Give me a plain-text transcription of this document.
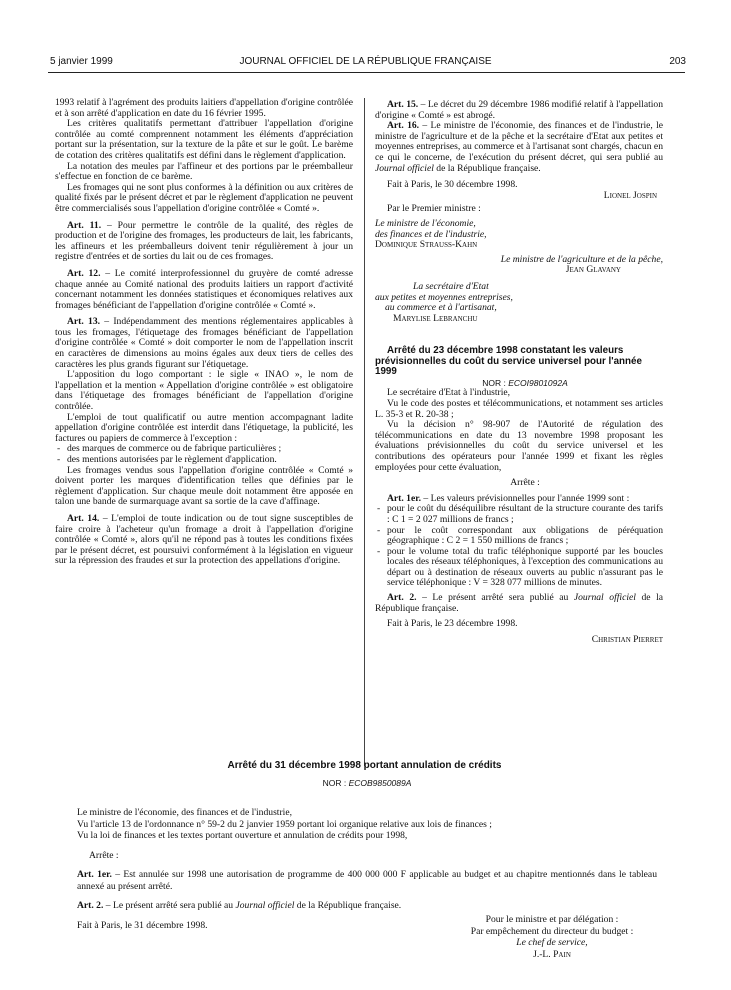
5 janvier 1999	JOURNAL OFFICIEL DE LA RÉPUBLIQUE FRANÇAISE	203

1993 relatif à l'agrément des produits laitiers d'appellation d'origine contrôlée et à son arrêté d'application en date du 16 février 1995.

Les critères qualitatifs permettant d'attribuer l'appellation d'origine contrôlée au comté comprennent notamment les éléments d'appréciation portant sur la présentation, sur la texture de la pâte et sur le goût. Le barème de cotation des critères qualitatifs est défini dans le règlement d'application.

La notation des meules par l'affineur et des portions par le préemballeur s'effectue en fonction de ce barème.

Les fromages qui ne sont plus conformes à la définition ou aux critères de qualité fixés par le présent décret et par le règlement d'application ne peuvent être commercialisés sous l'appellation d'origine contrôlée « Comté ».

Art. 11. – Pour permettre le contrôle de la qualité, des règles de production et de l'origine des fromages, les producteurs de lait, les fabricants, les affineurs et les préemballeurs doivent tenir régulièrement à jour un registre d'entrées et de sorties du lait ou de ces fromages.

Art. 12. – Le comité interprofessionnel du gruyère de comté adresse chaque année au Comité national des produits laitiers un rapport d'activité concernant notamment les données statistiques et économiques relatives aux fromages bénéficiant de l'appellation d'origine contrôlée « Comté ».

Art. 13. – Indépendamment des mentions réglementaires applicables à tous les fromages, l'étiquetage des fromages bénéficiant de l'appellation d'origine contrôlée « Comté » doit comporter le nom de l'appellation inscrit en caractères de dimensions au moins égales aux deux tiers de celles des caractères les plus grands figurant sur l'étiquetage.

L'apposition du logo comportant : le sigle « INAO », le nom de l'appellation et la mention « Appellation d'origine contrôlée » est obligatoire dans l'étiquetage des fromages bénéficiant de l'appellation d'origine contrôlée.

L'emploi de tout qualificatif ou autre mention accompagnant ladite appellation d'origine contrôlée est interdit dans l'étiquetage, la publicité, les factures ou papiers de commerce à l'exception :

- des marques de commerce ou de fabrique particulières ;

- des mentions autorisées par le règlement d'application.

Les fromages vendus sous l'appellation d'origine contrôlée « Comté » doivent porter les marques d'identification telles que définies par le règlement d'application. Sur chaque meule doit notamment être apposée en talon une bande de surmarquage avant sa sortie de la cave d'affinage.

Art. 14. – L'emploi de toute indication ou de tout signe susceptibles de faire croire à l'acheteur qu'un fromage a droit à l'appellation d'origine contrôlée « Comté », alors qu'il ne répond pas à toutes les conditions fixées par le présent décret, est poursuivi conformément à la législation en vigueur sur la répression des fraudes et sur la protection des appellations d'origine.

Art. 15. – Le décret du 29 décembre 1986 modifié relatif à l'appellation d'origine « Comté » est abrogé.

Art. 16. – Le ministre de l'économie, des finances et de l'industrie, le ministre de l'agriculture et de la pêche et la secrétaire d'Etat aux petites et moyennes entreprises, au commerce et à l'artisanat sont chargés, chacun en ce qui le concerne, de l'exécution du présent décret, qui sera publié au Journal officiel de la République française.

Fait à Paris, le 30 décembre 1998.

Lionel Jospin

Par le Premier ministre :

Le ministre de l'économie,

des finances et de l'industrie,

Dominique Strauss-Kahn

Le ministre de l'agriculture et de la pêche,

Jean Glavany

La secrétaire d'Etat

aux petites et moyennes entreprises,

au commerce et à l'artisanat,

Marylise Lebranchu

Arrêté du 23 décembre 1998 constatant les valeurs prévisionnelles du coût du service universel pour l'année 1999

NOR : ECOI9801092A

Le secrétaire d'Etat à l'industrie,

Vu le code des postes et télécommunications, et notamment ses articles L. 35-3 et R. 20-38 ;

Vu la décision n° 98-907 de l'Autorité de régulation des télécommunications en date du 13 novembre 1998 proposant les évaluations prévisionnelles du coût du service universel et les contributions des opérateurs pour l'année 1999 et fixant les règles employées pour cette évaluation,

Arrête :

Art. 1er. – Les valeurs prévisionnelles pour l'année 1999 sont :

- pour le coût du déséquilibre résultant de la structure courante des tarifs : C 1 = 2 027 millions de francs ;

- pour le coût correspondant aux obligations de péréquation géographique : C 2 = 1 550 millions de francs ;

- pour le volume total du trafic téléphonique supporté par les boucles locales des réseaux téléphoniques, à l'exception des communications au départ ou à destination de réseaux ouverts au public n'assurant pas le service téléphonique : V = 328 077 millions de minutes.

Art. 2. – Le présent arrêté sera publié au Journal officiel de la République française.

Fait à Paris, le 23 décembre 1998.

Christian Pierret

Arrêté du 31 décembre 1998 portant annulation de crédits
NOR : ECOB9850089A

Le ministre de l'économie, des finances et de l'industrie,

Vu l'article 13 de l'ordonnance n° 59-2 du 2 janvier 1959 portant loi organique relative aux lois de finances ;

Vu la loi de finances et les textes portant ouverture et annulation de crédits pour 1998,

Arrête :

Art. 1er. – Est annulée sur 1998 une autorisation de programme de 400 000 000 F applicable au budget et au chapitre mentionnés dans le tableau annexé au présent arrêté.

Art. 2. – Le présent arrêté sera publié au Journal officiel de la République française.

Fait à Paris, le 31 décembre 1998.	Pour le ministre et par délégation :
Par empêchement du directeur du budget :
Le chef de service,
J.-L. Pain
